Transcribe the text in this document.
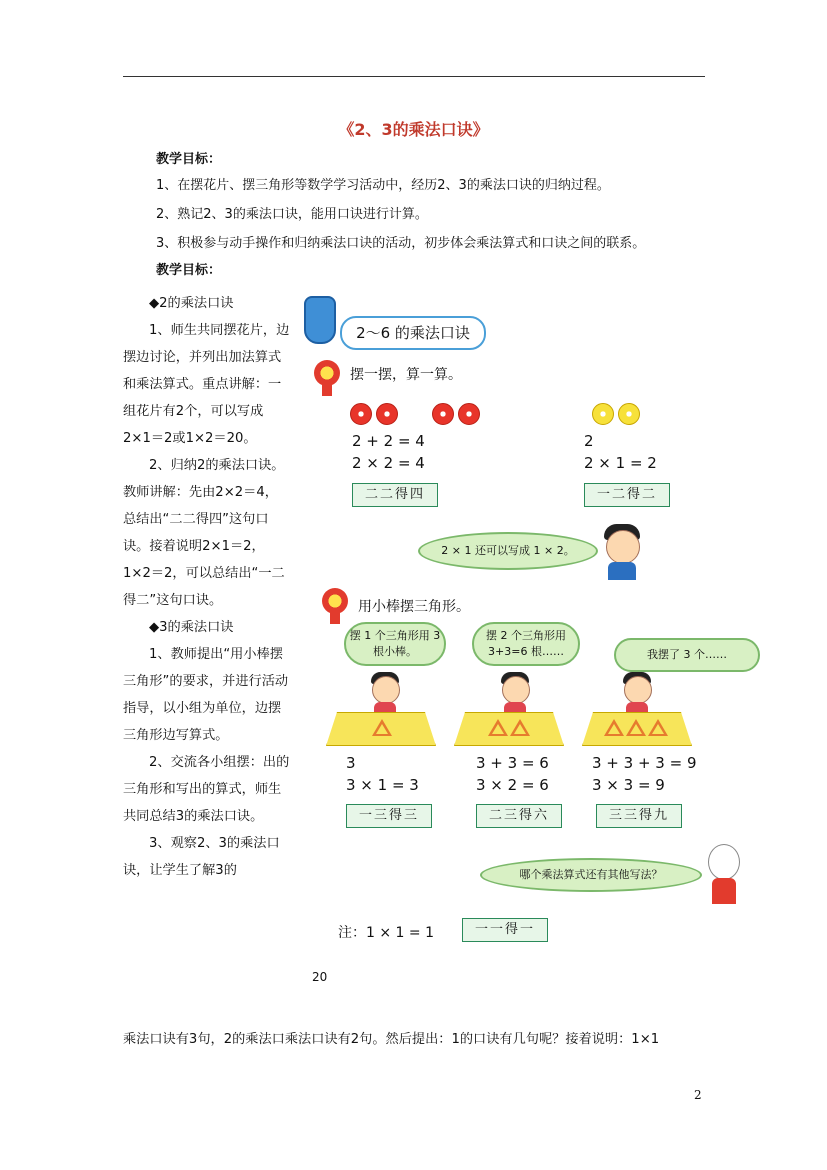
《2、3的乘法口诀》
教学目标：
1、在摆花片、摆三角形等数学学习活动中，经历2、3的乘法口诀的归纳过程。
2、熟记2、3的乘法口诀，能用口诀进行计算。
3、积极参与动手操作和归纳乘法口诀的活动，初步体会乘法算式和口诀之间的联系。
教学目标：

◆2的乘法口诀

1、师生共同摆花片，边摆边讨论，并列出加法算式和乘法算式。重点讲解：一组花片有2个，可以写成2×1＝2或1×2＝20。

2、归纳2的乘法口诀。教师讲解：先由2×2＝4，总结出“二二得四”这句口诀。接着说明2×1＝2， 1×2＝2，可以总结出“一二得二”这句口诀。

◆3的乘法口诀

1、教师提出“用小棒摆三角形”的要求，并进行活动指导，以小组为单位，边摆三角形边写算式。

2、交流各小组摆：出的三角形和写出的算式，师生共同总结3的乘法口诀。

3、观察2、3的乘法口诀，让学生了解3的

乘法口诀有3句，2的乘法口乘法口诀有2句。然后提出：1的口诀有几句呢？接着说明：1×1
2
2～6 的乘法口诀
摆一摆，算一算。
2 + 2 = 4
2 × 2 = 4
二二得四
2
2 × 1 = 2
一二得二
2 × 1 还可以写成 1 × 2。
用小棒摆三角形。
摆 1 个三角形用 3 根小棒。
摆 2 个三角形用 3+3=6 根……	我摆了 3 个……
3
3 × 1 = 3
一三得三
3 + 3 = 6
3 × 2 = 6
二三得六
3 + 3 + 3 = 9
3 × 3 = 9
三三得九
哪个乘法算式还有其他写法？
注：1 × 1 = 1	一一得一
20
